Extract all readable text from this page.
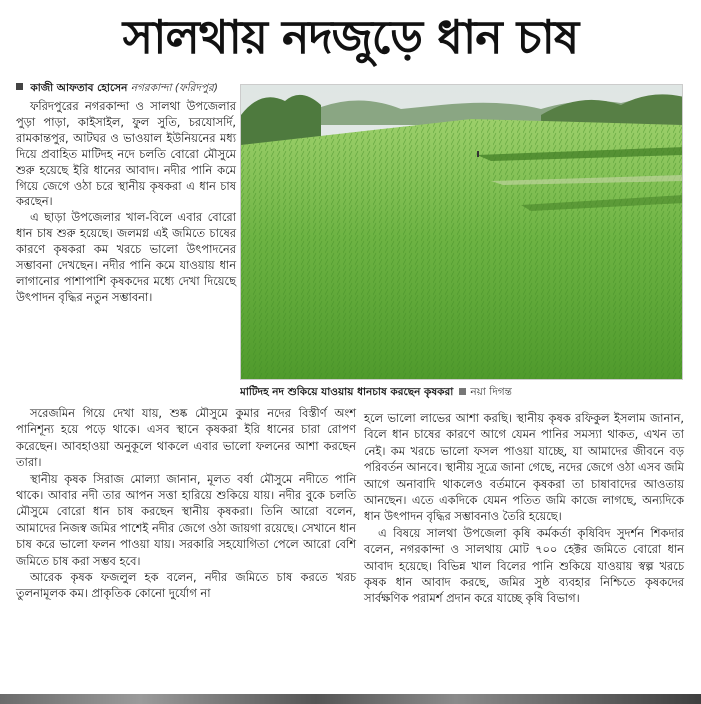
সালথায় নদজুড়ে ধান চাষ
কাজী আফতাব হোসেন নগরকান্দা (ফরিদপুর)

ফরিদপুরের নগরকান্দা ও সালথা উপজেলার পুড়া পাড়া, কাইসাইল, ফুল সুতি, চরযোসর্দি, রামকান্তপুর, আটঘর ও ভাওয়াল ইউনিয়নের মধ্য দিয়ে প্রবাহিত মাটিদহ নদে চলতি বোরো মৌসুমে শুরু হয়েছে ইরি ধানের আবাদ। নদীর পানি কমে গিয়ে জেগে ওঠা চরে স্থানীয় কৃষকরা এ ধান চাষ করছেন।

এ ছাড়া উপজেলার খাল-বিলে এবার বোরো ধান চাষ শুরু হয়েছে। জলমগ্ন এই জমিতে চাষের কারণে কৃষকরা কম খরচে ভালো উৎপাদনের সম্ভাবনা দেখছেন। নদীর পানি কমে যাওয়ায় ধান লাগানোর পাশাপাশি কৃষকদের মধ্যে দেখা দিয়েছে উৎপাদন বৃদ্ধির নতুন সম্ভাবনা।

মাটিদহ নদ শুকিয়ে যাওয়ায় ধানচাষ করছেন কৃষকরা নয়া দিগন্ত

সরেজমিন গিয়ে দেখা যায়, শুষ্ক মৌসুমে কুমার নদের বিস্তীর্ণ অংশ পানিশূন্য হয়ে পড়ে থাকে। এসব স্থানে কৃষকরা ইরি ধানের চারা রোপণ করেছেন। আবহাওয়া অনুকূলে থাকলে এবার ভালো ফলনের আশা করছেন তারা।

স্থানীয় কৃষক সিরাজ মোল্যা জানান, মূলত বর্ষা মৌসুমে নদীতে পানি থাকে। আবার নদী তার আপন সত্তা হারিয়ে শুকিয়ে যায়। নদীর বুকে চলতি মৌসুমে বোরো ধান চাষ করছেন স্থানীয় কৃষকরা। তিনি আরো বলেন, আমাদের নিজস্ব জমির পাশেই নদীর জেগে ওঠা জায়গা রয়েছে। সেখানে ধান চাষ করে ভালো ফলন পাওয়া যায়। সরকারি সহযোগিতা পেলে আরো বেশি জমিতে চাষ করা সম্ভব হবে।

আরেক কৃষক ফজলুল হক বলেন, নদীর জমিতে চাষ করতে খরচ তুলনামূলক কম। প্রাকৃতিক কোনো দুর্যোগ না

হলে ভালো লাভের আশা করছি। স্থানীয় কৃষক রফিকুল ইসলাম জানান, বিলে ধান চাষের কারণে আগে যেমন পানির সমস্যা থাকত, এখন তা নেই। কম খরচে ভালো ফসল পাওয়া যাচ্ছে, যা আমাদের জীবনে বড় পরিবর্তন আনবে। স্থানীয় সূত্রে জানা গেছে, নদের জেগে ওঠা এসব জমি আগে অনাবাদি থাকলেও বর্তমানে কৃষকরা তা চাষাবাদের আওতায় আনছেন। এতে একদিকে যেমন পতিত জমি কাজে লাগছে, অন্যদিকে ধান উৎপাদন বৃদ্ধির সম্ভাবনাও তৈরি হয়েছে।

এ বিষয়ে সালথা উপজেলা কৃষি কর্মকর্তা কৃষিবিদ সুদর্শন শিকদার বলেন, নগরকান্দা ও সালথায় মোট ৭০০ হেক্টর জমিতে বোরো ধান আবাদ হয়েছে। বিভিন্ন খাল বিলের পানি শুকিয়ে যাওয়ায় স্বল্প খরচে কৃষক ধান আবাদ করছে, জমির সুষ্ঠ ব্যবহার নিশ্চিতে কৃষকদের সার্বক্ষণিক পরামর্শ প্রদান করে যাচ্ছে কৃষি বিভাগ।
